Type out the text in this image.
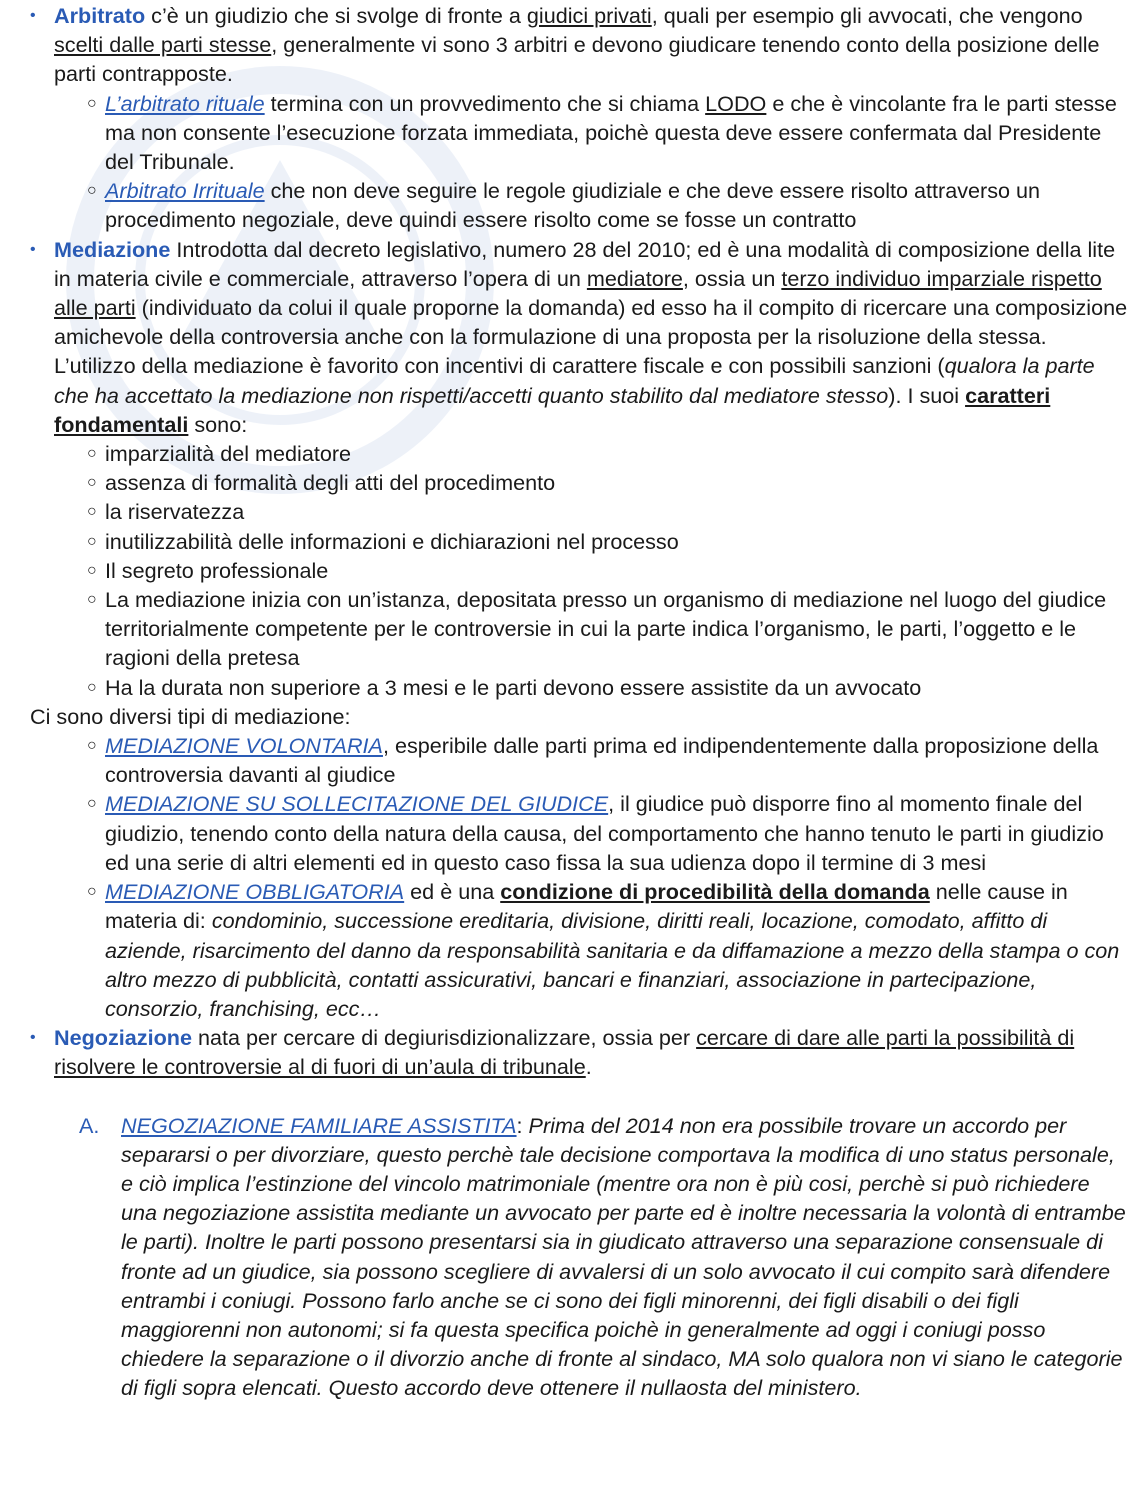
• Arbitrato c’è un giudizio che si svolge di fronte a giudici privati, quali per esempio gli avvocati, che vengono scelti dalle parti stesse, generalmente vi sono 3 arbitri e devono giudicare tenendo conto della posizione delle parti contrapposte.
○ L’arbitrato rituale termina con un provvedimento che si chiama LODO e che è vincolante fra le parti stesse ma non consente l’esecuzione forzata immediata, poichè questa deve essere confermata dal Presidente del Tribunale.
○ Arbitrato Irrituale che non deve seguire le regole giudiziale e che deve essere risolto attraverso un procedimento negoziale, deve quindi essere risolto come se fosse un contratto
• Mediazione Introdotta dal decreto legislativo, numero 28 del 2010; ed è una modalità di composizione della lite in materia civile e commerciale, attraverso l’opera di un mediatore, ossia un terzo individuo imparziale rispetto alle parti (individuato da colui il quale proporne la domanda) ed esso ha il compito di ricercare una composizione amichevole della controversia anche con la formulazione di una proposta per la risoluzione della stessa. L’utilizzo della mediazione è favorito con incentivi di carattere fiscale e con possibili sanzioni (qualora la parte che ha accettato la mediazione non rispetti/accetti quanto stabilito dal mediatore stesso). I suoi caratteri fondamentali sono:
○ imparzialità del mediatore
○ assenza di formalità degli atti del procedimento
○ la riservatezza
○ inutilizzabilità delle informazioni e dichiarazioni nel processo
○ Il segreto professionale
○ La mediazione inizia con un’istanza, depositata presso un organismo di mediazione nel luogo del giudice territorialmente competente per le controversie in cui la parte indica l’organismo, le parti, l’oggetto e le ragioni della pretesa
○ Ha la durata non superiore a 3 mesi e le parti devono essere assistite da un avvocato
Ci sono diversi tipi di mediazione:
○ MEDIAZIONE VOLONTARIA, esperibile dalle parti prima ed indipendentemente dalla proposizione della controversia davanti al giudice
○ MEDIAZIONE SU SOLLECITAZIONE DEL GIUDICE, il giudice può disporre fino al momento finale del giudizio, tenendo conto della natura della causa, del comportamento che hanno tenuto le parti in giudizio ed una serie di altri elementi ed in questo caso fissa la sua udienza dopo il termine di 3 mesi
○ MEDIAZIONE OBBLIGATORIA ed è una condizione di procedibilità della domanda nelle cause in materia di: condominio, successione ereditaria, divisione, diritti reali, locazione, comodato, affitto di aziende, risarcimento del danno da responsabilità sanitaria e da diffamazione a mezzo della stampa o con altro mezzo di pubblicità, contatti assicurativi, bancari e finanziari, associazione in partecipazione, consorzio, franchising, ecc…
• Negoziazione nata per cercare di degiurisdizionalizzare, ossia per cercare di dare alle parti la possibilità di risolvere le controversie al di fuori di un’aula di tribunale.
A. NEGOZIAZIONE FAMILIARE ASSISTITA: Prima del 2014 non era possibile trovare un accordo per separarsi o per divorziare, questo perchè tale decisione comportava la modifica di uno status personale, e ciò implica l’estinzione del vincolo matrimoniale (mentre ora non è più cosi, perchè si può richiedere una negoziazione assistita mediante un avvocato per parte ed è inoltre necessaria la volontà di entrambe le parti). Inoltre le parti possono presentarsi sia in giudicato attraverso una separazione consensuale di fronte ad un giudice, sia possono scegliere di avvalersi di un solo avvocato il cui compito sarà difendere entrambi i coniugi. Possono farlo anche se ci sono dei figli minorenni, dei figli disabili o dei figli maggiorenni non autonomi; si fa questa specifica poichè in generalmente ad oggi i coniugi posso chiedere la separazione o il divorzio anche di fronte al sindaco, MA solo qualora non vi siano le categorie di figli sopra elencati. Questo accordo deve ottenere il nullaosta del ministero.
